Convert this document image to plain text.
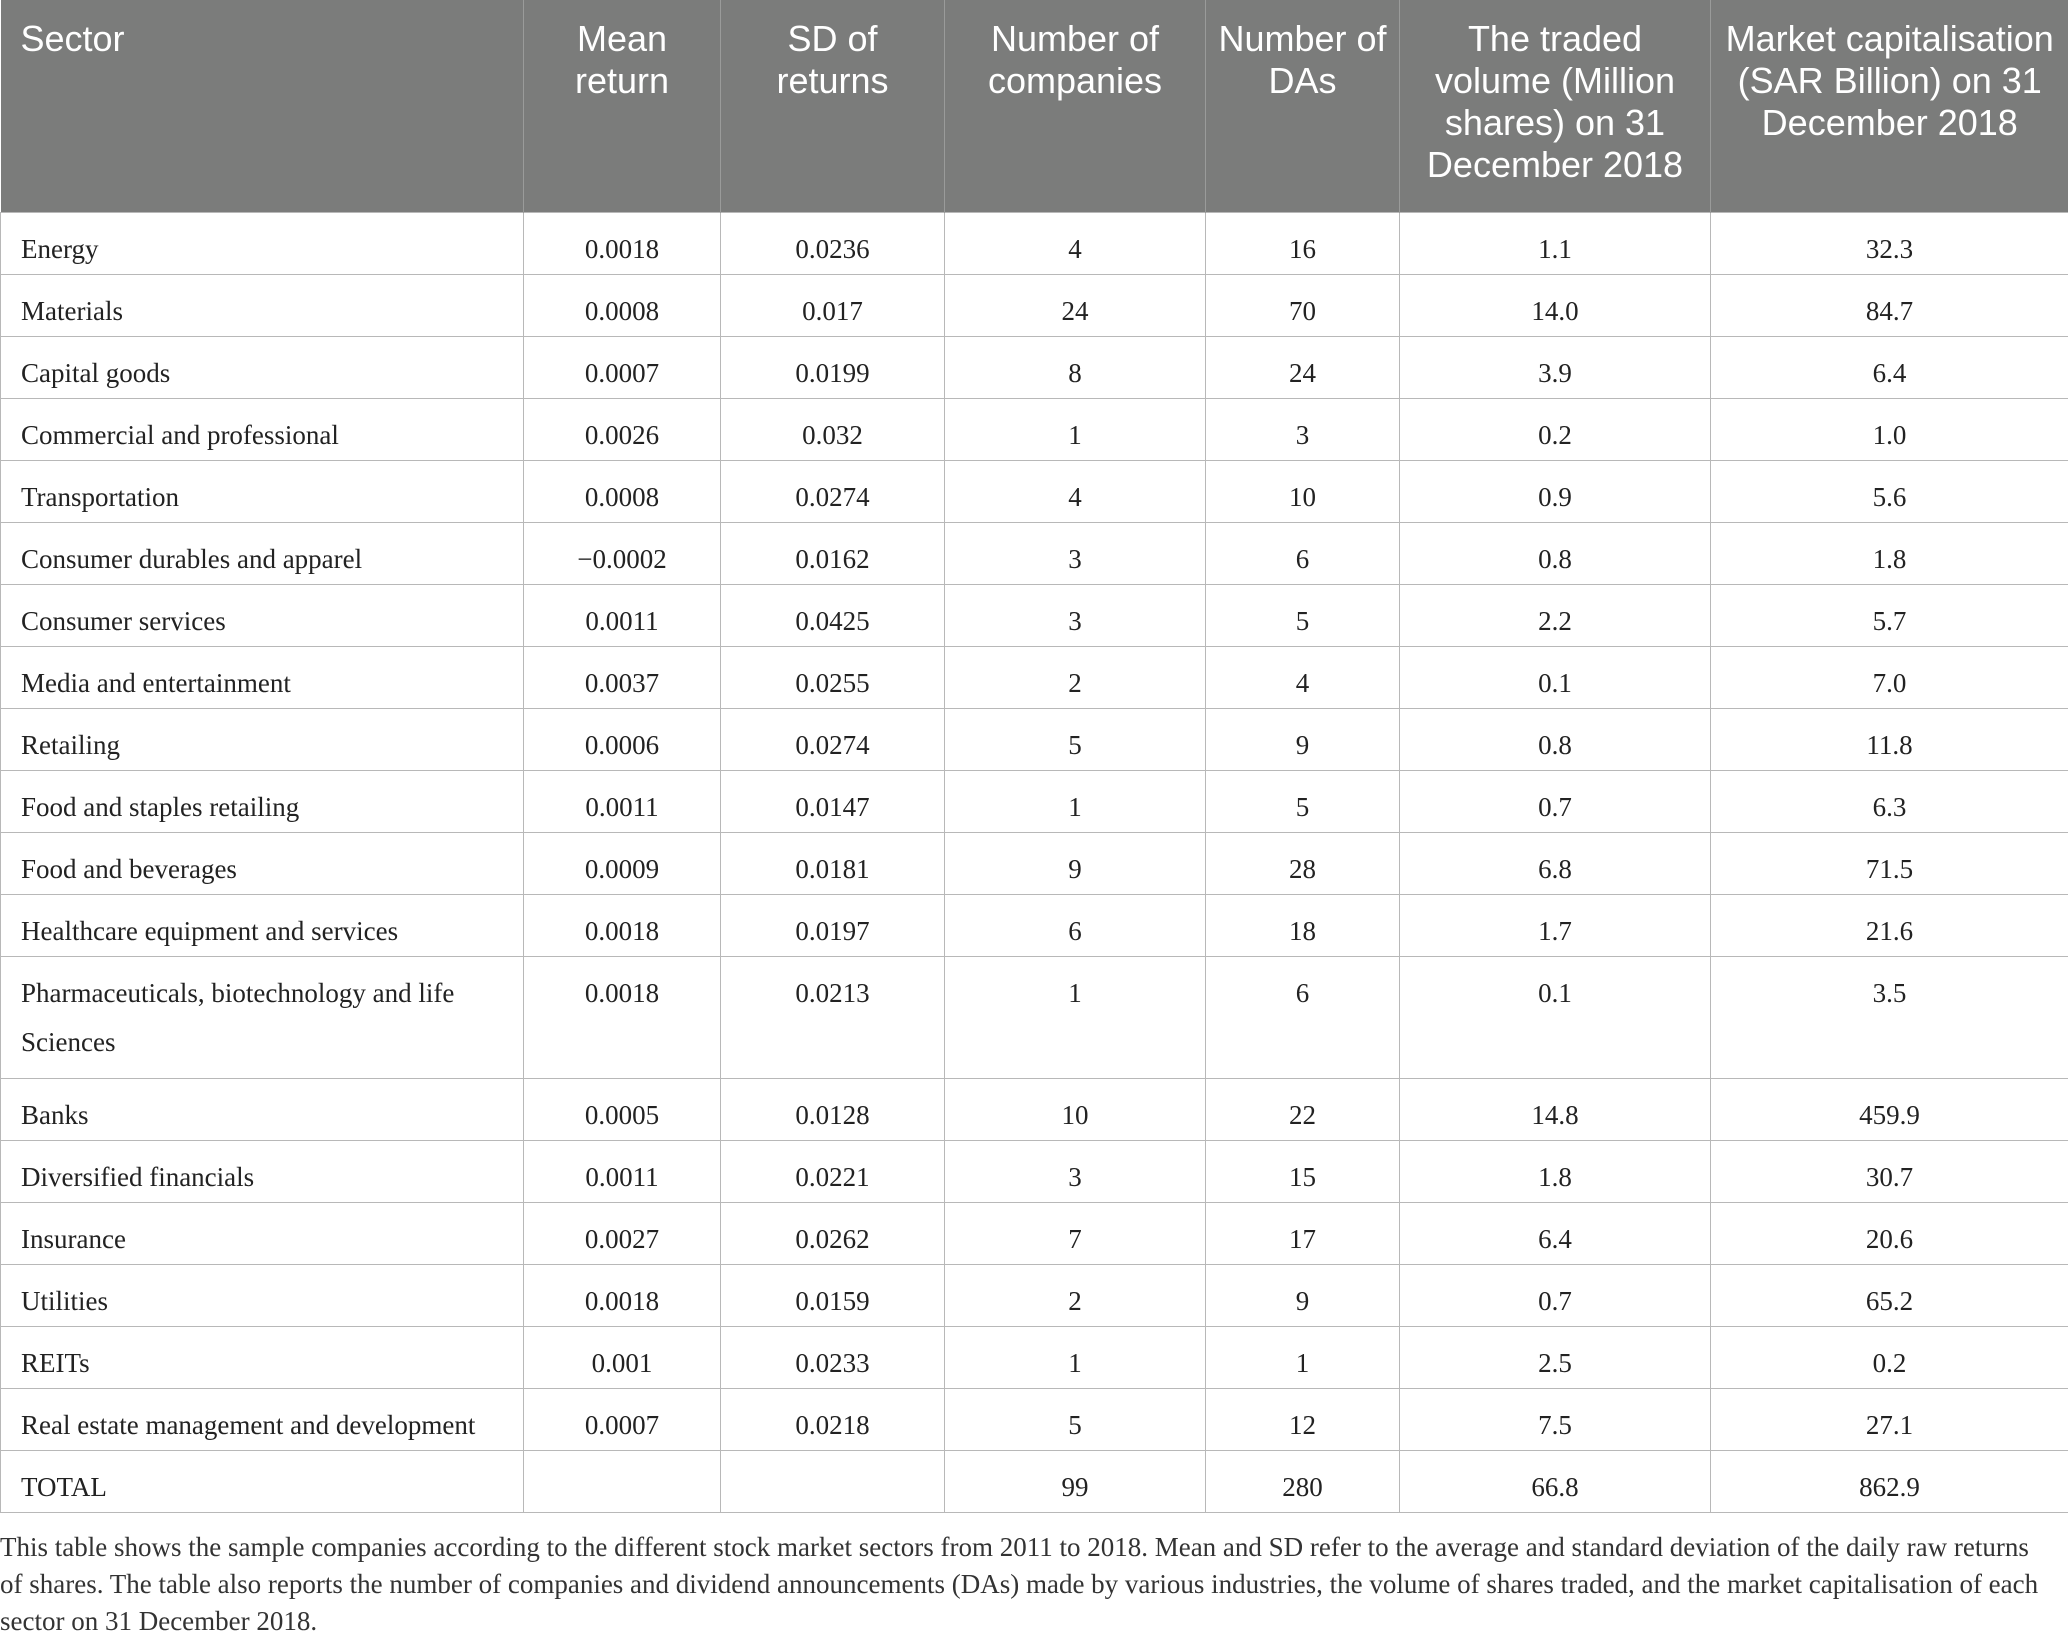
Sector	Mean return	SD of returns	Number of companies	Number of DAs	The traded volume (Million shares) on 31 December 2018	Market capitalisation (SAR Billion) on 31 December 2018
Energy	0.0018	0.0236	4	16	1.1	32.3
Materials	0.0008	0.017	24	70	14.0	84.7
Capital goods	0.0007	0.0199	8	24	3.9	6.4
Commercial and professional	0.0026	0.032	1	3	0.2	1.0
Transportation	0.0008	0.0274	4	10	0.9	5.6
Consumer durables and apparel	−0.0002	0.0162	3	6	0.8	1.8
Consumer services	0.0011	0.0425	3	5	2.2	5.7
Media and entertainment	0.0037	0.0255	2	4	0.1	7.0
Retailing	0.0006	0.0274	5	9	0.8	11.8
Food and staples retailing	0.0011	0.0147	1	5	0.7	6.3
Food and beverages	0.0009	0.0181	9	28	6.8	71.5
Healthcare equipment and services	0.0018	0.0197	6	18	1.7	21.6
Pharmaceuticals, biotechnology and life Sciences	0.0018	0.0213	1	6	0.1	3.5
Banks	0.0005	0.0128	10	22	14.8	459.9
Diversified financials	0.0011	0.0221	3	15	1.8	30.7
Insurance	0.0027	0.0262	7	17	6.4	20.6
Utilities	0.0018	0.0159	2	9	0.7	65.2
REITs	0.001	0.0233	1	1	2.5	0.2
Real estate management and development	0.0007	0.0218	5	12	7.5	27.1
TOTAL			99	280	66.8	862.9

This table shows the sample companies according to the different stock market sectors from 2011 to 2018. Mean and SD refer to the average and standard deviation of the daily raw returns of shares. The table also reports the number of companies and dividend announcements (DAs) made by various industries, the volume of shares traded, and the market capitalisation of each sector on 31 December 2018.
